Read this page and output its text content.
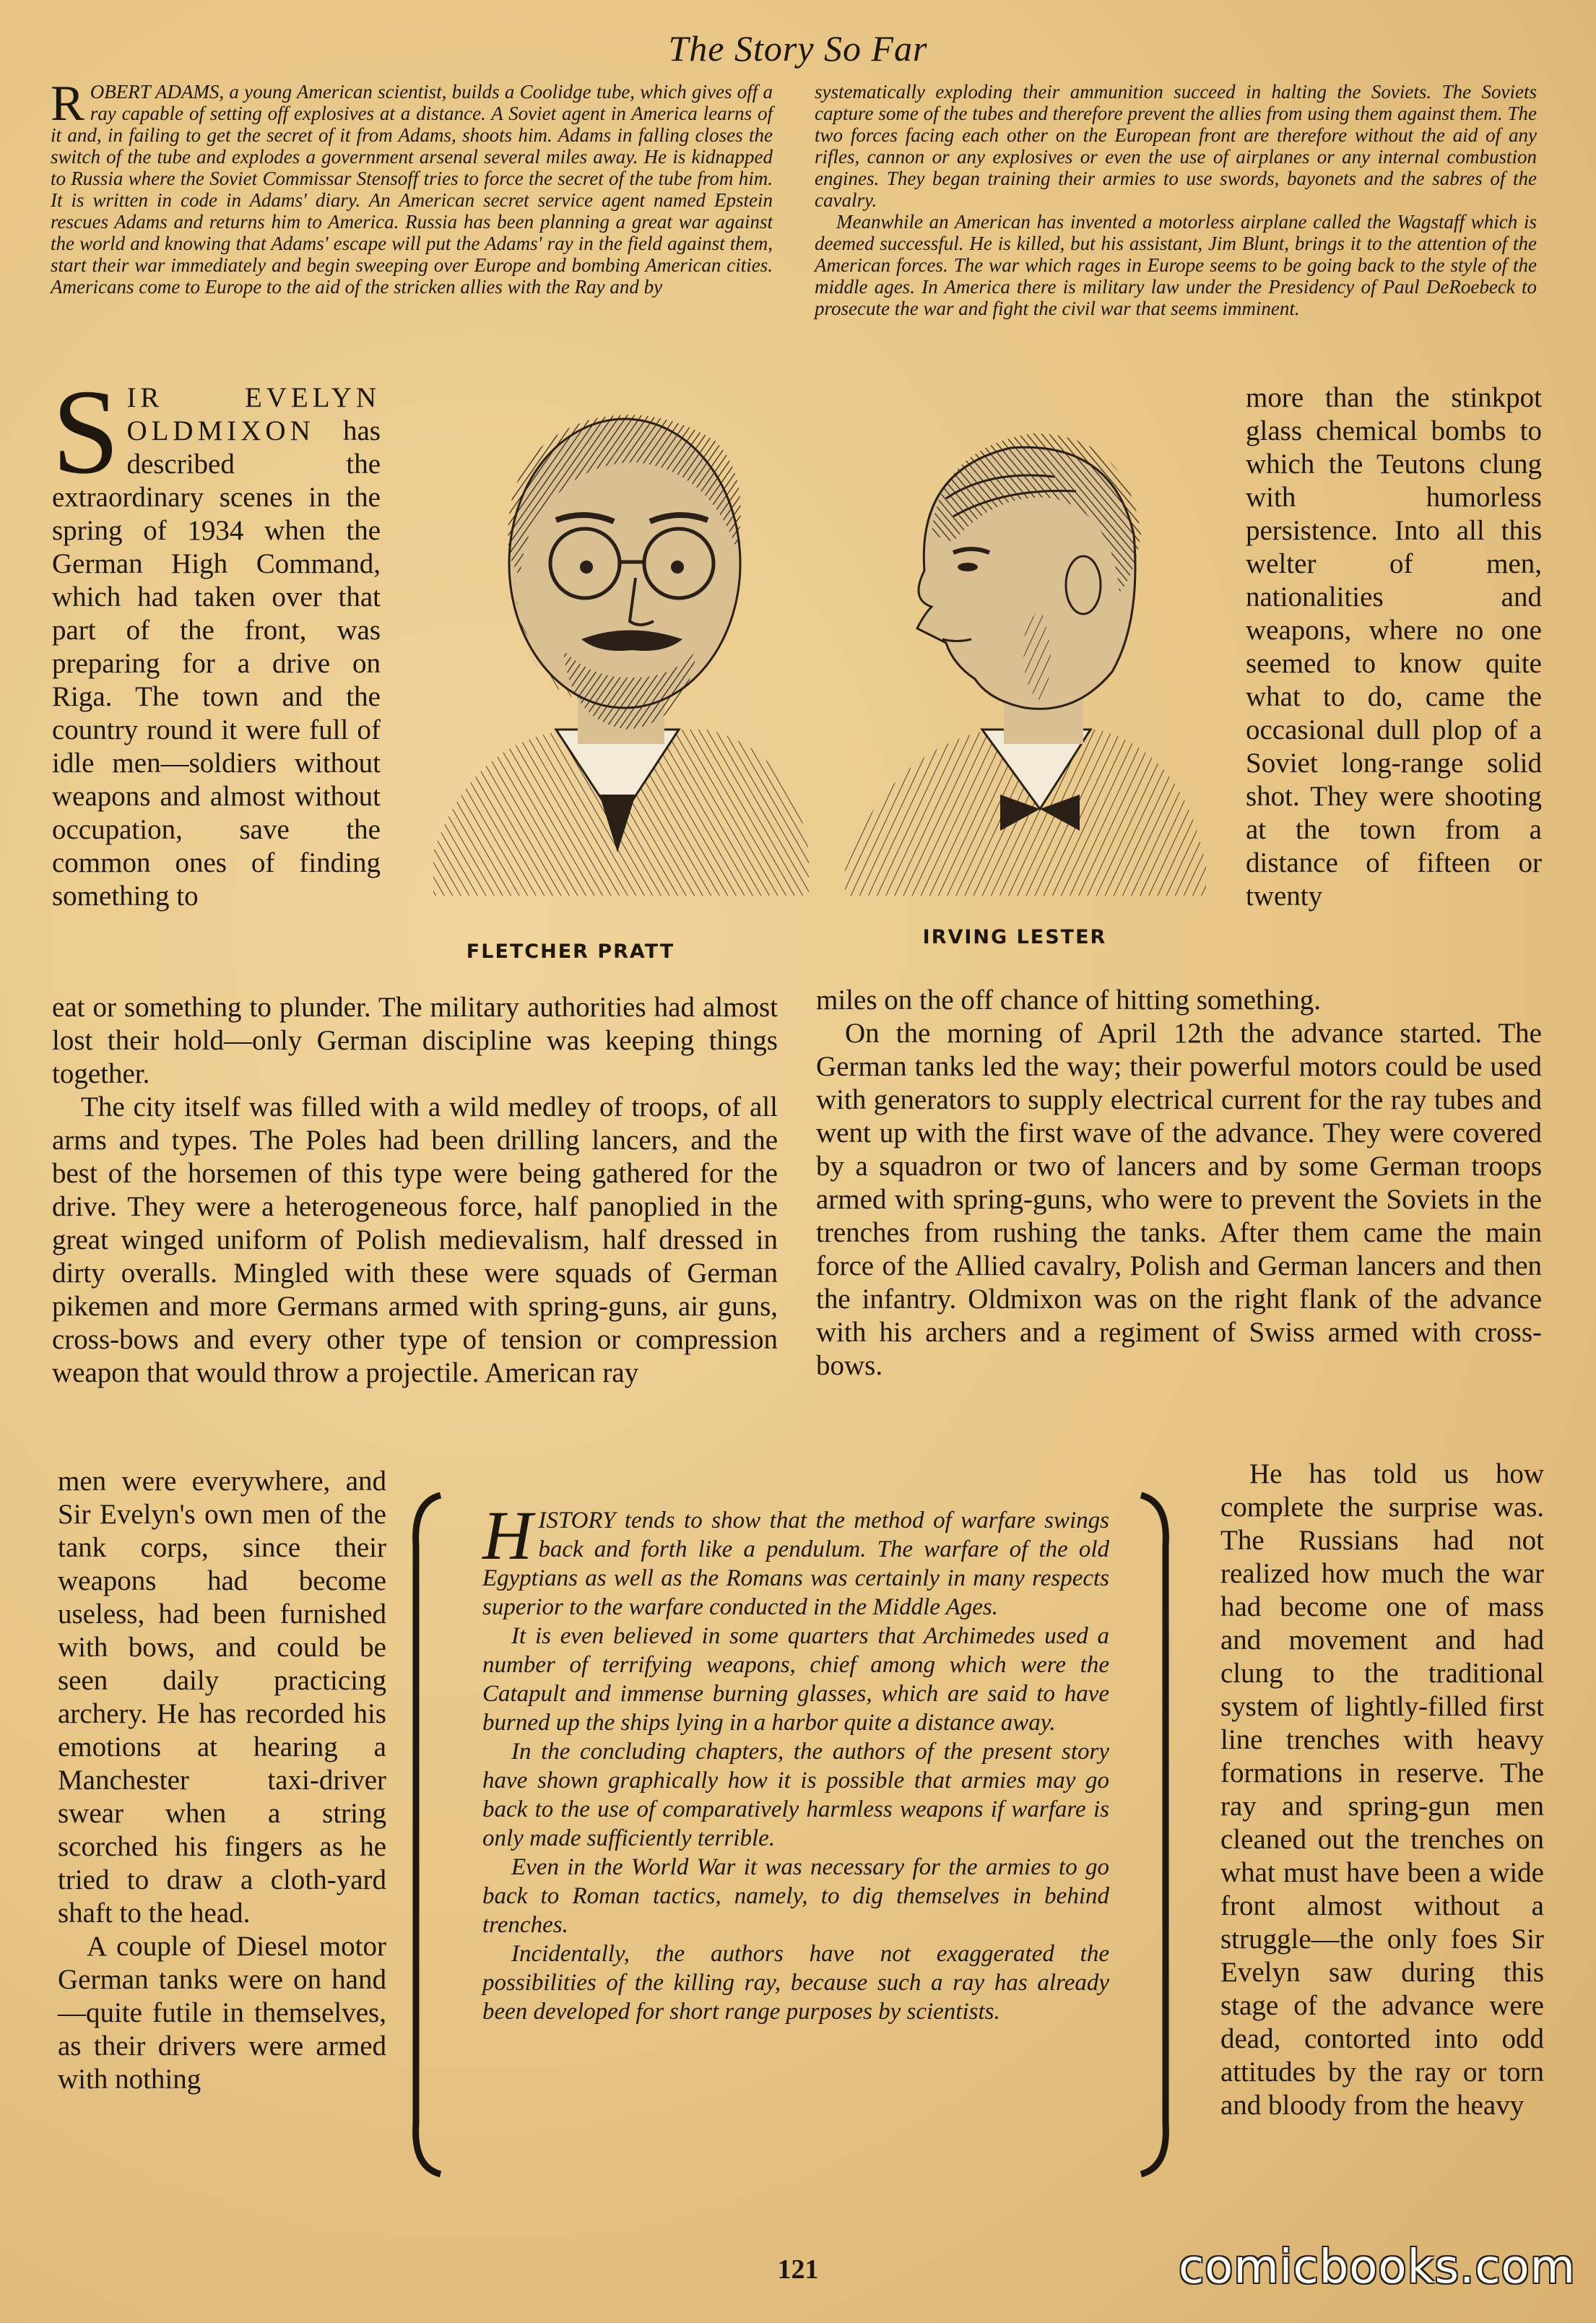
The Story So Far
ROBERT ADAMS, a young American scientist, builds a Coolidge tube, which gives off a ray capable of setting off explosives at a distance. A Soviet agent in America learns of it and, in failing to get the secret of it from Adams, shoots him. Adams in falling closes the switch of the tube and explodes a government arsenal several miles away. He is kidnapped to Russia where the Soviet Commissar Stensoff tries to force the secret of the tube from him. It is written in code in Adams' diary. An American secret service agent named Epstein rescues Adams and returns him to America. Russia has been planning a great war against the world and knowing that Adams' escape will put the Adams' ray in the field against them, start their war immediately and begin sweeping over Europe and bombing American cities. Americans come to Europe to the aid of the stricken allies with the Ray and by
systematically exploding their ammunition succeed in halting the Soviets. The Soviets capture some of the tubes and therefore prevent the allies from using them against them. The two forces facing each other on the European front are therefore without the aid of any rifles, cannon or any explosives or even the use of airplanes or any internal combustion engines. They began training their armies to use swords, bayonets and the sabres of the cavalry.
Meanwhile an American has invented a motorless airplane called the Wagstaff which is deemed successful. He is killed, but his assistant, Jim Blunt, brings it to the attention of the American forces. The war which rages in Europe seems to be going back to the style of the middle ages. In America there is military law under the Presidency of Paul DeRoebeck to prosecute the war and fight the civil war that seems imminent.
SIR EVELYN OLDMIXON has described the extraordinary scenes in the spring of 1934 when the German High Command, which had taken over that part of the front, was preparing for a drive on Riga. The town and the country round it were full of idle men—soldiers without weapons and almost without occupation, save the common ones of finding something to
FLETCHER PRATT
IRVING LESTER
more than the stinkpot glass chemical bombs to which the Teutons clung with humorless persistence. Into all this welter of men, nationalities and weapons, where no one seemed to know quite what to do, came the occasional dull plop of a Soviet long-range solid shot. They were shooting at the town from a distance of fifteen or twenty

eat or something to plunder. The military authorities had almost lost their hold—only German discipline was keeping things together.

The city itself was filled with a wild medley of troops, of all arms and types. The Poles had been drilling lancers, and the best of the horsemen of this type were being gathered for the drive. They were a heterogeneous force, half panoplied in the great winged uniform of Polish medievalism, half dressed in dirty overalls. Mingled with these were squads of German pikemen and more Germans armed with spring-guns, air guns, cross-bows and every other type of tension or compression weapon that would throw a projectile. American ray

miles on the off chance of hitting something.

On the morning of April 12th the advance started. The German tanks led the way; their powerful motors could be used with generators to supply electrical current for the ray tubes and went up with the first wave of the advance. They were covered by a squadron or two of lancers and by some German troops armed with spring-guns, who were to prevent the Soviets in the trenches from rushing the tanks. After them came the main force of the Allied cavalry, Polish and German lancers and then the infantry. Oldmixon was on the right flank of the advance with his archers and a regiment of Swiss armed with cross-bows.

men were everywhere, and Sir Evelyn's own men of the tank corps, since their weapons had become useless, had been furnished with bows, and could be seen daily practicing archery. He has recorded his emotions at hearing a Manchester taxi-driver swear when a string scorched his fingers as he tried to draw a cloth-yard shaft to the head.

A couple of Diesel motor German tanks were on hand—quite futile in themselves, as their drivers were armed with nothing

HISTORY tends to show that the method of warfare swings back and forth like a pendulum. The warfare of the old Egyptians as well as the Romans was certainly in many respects superior to the warfare conducted in the Middle Ages.

It is even believed in some quarters that Archimedes used a number of terrifying weapons, chief among which were the Catapult and immense burning glasses, which are said to have burned up the ships lying in a harbor quite a distance away.

In the concluding chapters, the authors of the present story have shown graphically how it is possible that armies may go back to the use of comparatively harmless weapons if warfare is only made sufficiently terrible.

Even in the World War it was necessary for the armies to go back to Roman tactics, namely, to dig themselves in behind trenches.

Incidentally, the authors have not exaggerated the possibilities of the killing ray, because such a ray has already been developed for short range purposes by scientists.

He has told us how complete the surprise was. The Russians had not realized how much the war had become one of mass and movement and had clung to the traditional system of lightly-filled first line trenches with heavy formations in reserve. The ray and spring-gun men cleaned out the trenches on what must have been a wide front almost without a struggle—the only foes Sir Evelyn saw during this stage of the advance were dead, contorted into odd attitudes by the ray or torn and bloody from the heavy

121	comicbooks.com
